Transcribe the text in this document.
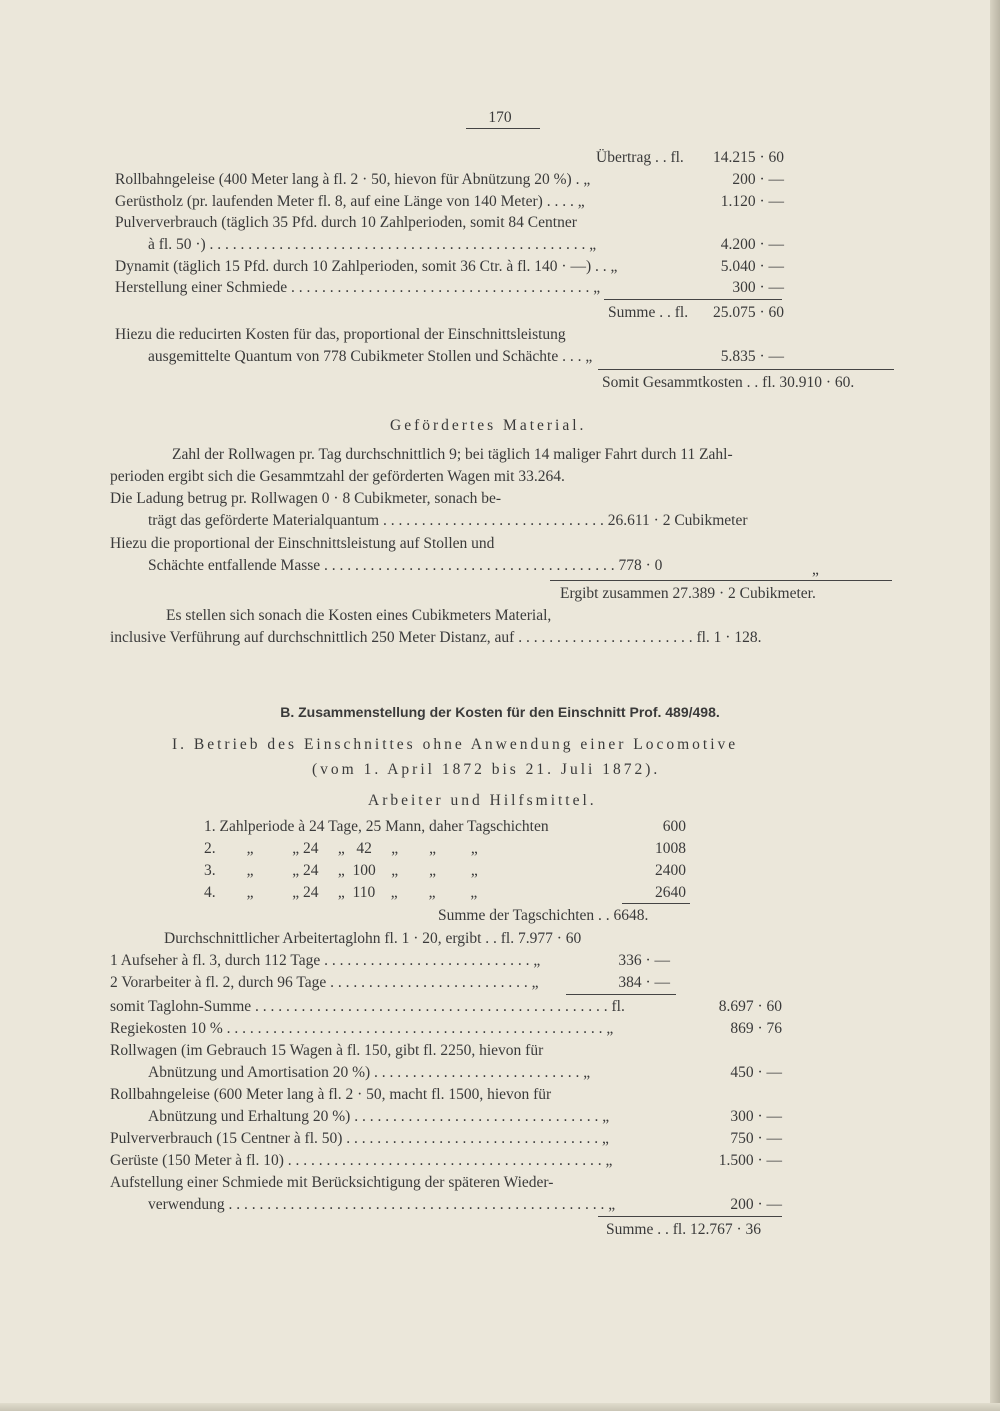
170
Übertrag . . fl.	14.215 · 60
Rollbahngeleise (400 Meter lang à fl. 2 · 50, hievon für Abnützung 20 %) . „	200 · —
Gerüstholz (pr. laufenden Meter fl. 8, auf eine Länge von 140 Meter) . . . . „	1.120 · —
Pulververbrauch (täglich 35 Pfd. durch 10 Zahlperioden, somit 84 Centner
à fl. 50 ·) . . . . . . . . . . . . . . . . . . . . . . . . . . . . . . . . . . . . . . . . . . . . . . . . . „	4.200 · —
Dynamit (täglich 15 Pfd. durch 10 Zahlperioden, somit 36 Ctr. à fl. 140 · —) . . „	5.040 · —
Herstellung einer Schmiede . . . . . . . . . . . . . . . . . . . . . . . . . . . . . . . . . . . . . . . „	300 · —
Summe . . fl.	25.075 · 60
Hiezu die reducirten Kosten für das, proportional der Einschnittsleistung
ausgemittelte Quantum von 778 Cubikmeter Stollen und Schächte . . . „	5.835 · —
Somit Gesammtkosten . . fl. 30.910 · 60.
Gefördertes Material.
Zahl der Rollwagen pr. Tag durchschnittlich 9; bei täglich 14 maliger Fahrt durch 11 Zahl-
perioden ergibt sich die Gesammtzahl der geförderten Wagen mit 33.264.
Die Ladung betrug pr. Rollwagen 0 · 8 Cubikmeter, sonach be-
trägt das geförderte Materialquantum . . . . . . . . . . . . . . . . . . . . . . . . . . . . . 26.611 · 2 Cubikmeter
Hiezu die proportional der Einschnittsleistung auf Stollen und
Schächte entfallende Masse . . . . . . . . . . . . . . . . . . . . . . . . . . . . . . . . . . . . . . 778 · 0	„
Ergibt zusammen 27.389 · 2 Cubikmeter.
Es stellen sich sonach die Kosten eines Cubikmeters Material,
inclusive Verführung auf durchschnittlich 250 Meter Distanz, auf . . . . . . . . . . . . . . . . . . . . . . . fl. 1 · 128.
B. Zusammenstellung der Kosten für den Einschnitt Prof. 489/498.
I. Betrieb des Einschnittes ohne Anwendung einer Locomotive
(vom 1. April 1872 bis 21. Juli 1872).
Arbeiter und Hilfsmittel.
1. Zahlperiode à 24 Tage, 25 Mann, daher Tagschichten	600
2.        „          „ 24     „   42     „        „         „	1008
3.        „          „ 24     „  100    „        „         „	2400
4.        „          „ 24     „  110    „        „         „	2640
Summe der Tagschichten . . 6648.
Durchschnittlicher Arbeitertaglohn fl. 1 · 20, ergibt . . fl. 7.977 · 60
1 Aufseher à fl. 3, durch 112 Tage . . . . . . . . . . . . . . . . . . . . . . . . . . . „	336 · —
2 Vorarbeiter à fl. 2, durch 96 Tage . . . . . . . . . . . . . . . . . . . . . . . . . . „	384 · —
somit Taglohn-Summe . . . . . . . . . . . . . . . . . . . . . . . . . . . . . . . . . . . . . . . . . . . . . . fl.	8.697 · 60
Regiekosten 10 % . . . . . . . . . . . . . . . . . . . . . . . . . . . . . . . . . . . . . . . . . . . . . . . . . „	869 · 76
Rollwagen (im Gebrauch 15 Wagen à fl. 150, gibt fl. 2250, hievon für
Abnützung und Amortisation 20 %) . . . . . . . . . . . . . . . . . . . . . . . . . . . „	450 · —
Rollbahngeleise (600 Meter lang à fl. 2 · 50, macht fl. 1500, hievon für
Abnützung und Erhaltung 20 %) . . . . . . . . . . . . . . . . . . . . . . . . . . . . . . . . „	300 · —
Pulververbrauch (15 Centner à fl. 50) . . . . . . . . . . . . . . . . . . . . . . . . . . . . . . . . . „	750 · —
Gerüste (150 Meter à fl. 10) . . . . . . . . . . . . . . . . . . . . . . . . . . . . . . . . . . . . . . . . . „	1.500 · —
Aufstellung einer Schmiede mit Berücksichtigung der späteren Wieder-
verwendung . . . . . . . . . . . . . . . . . . . . . . . . . . . . . . . . . . . . . . . . . . . . . . . . . „	200 · —
Summe . . fl. 12.767 · 36
